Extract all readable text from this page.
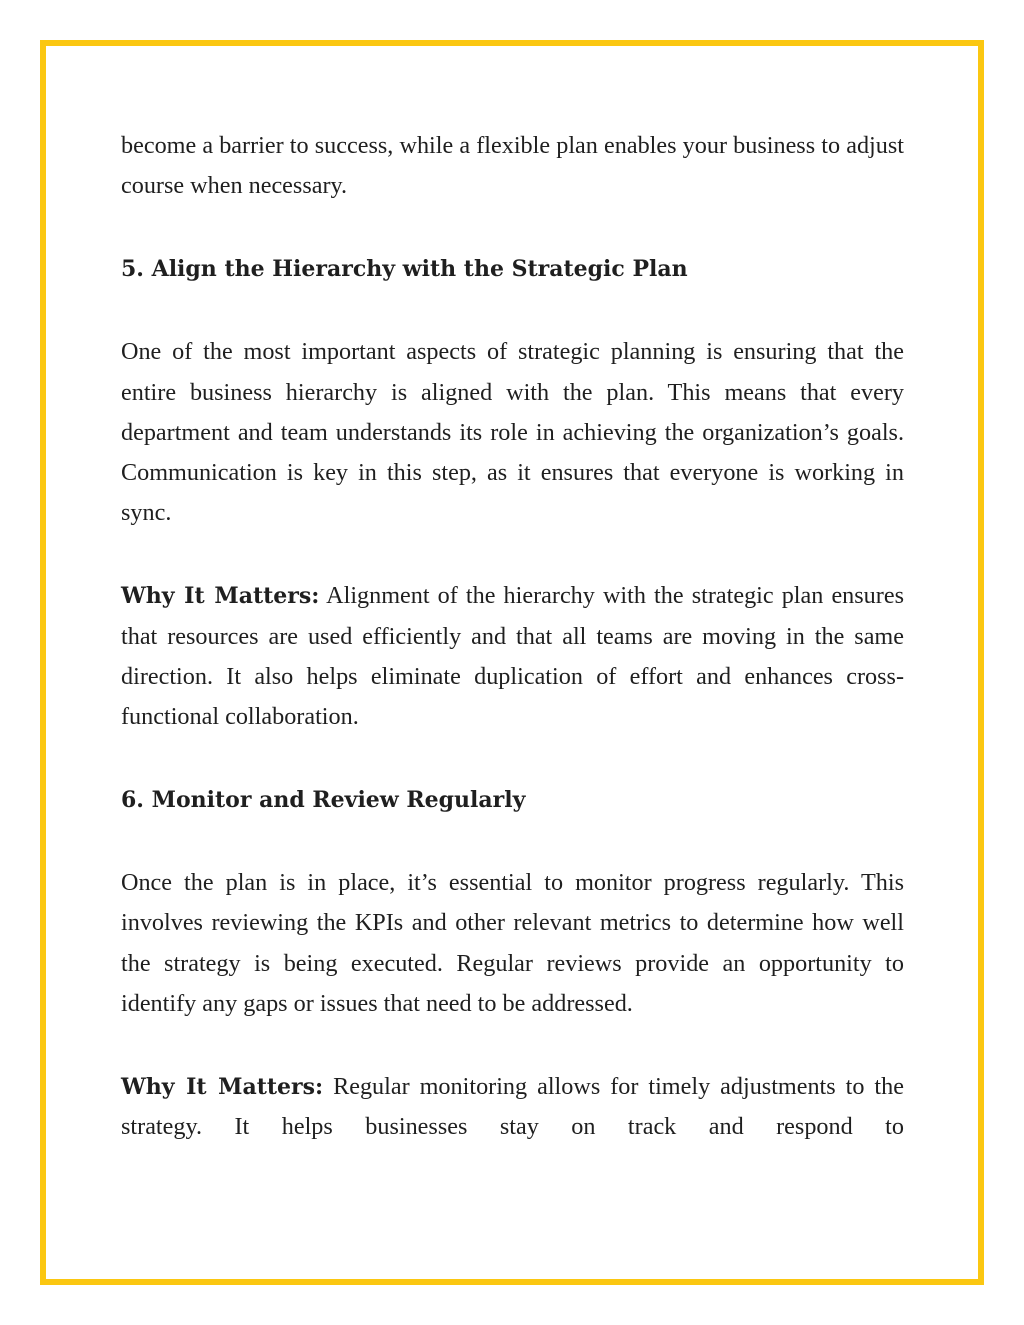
become a barrier to success, while a flexible plan enables your business to adjust course when necessary.

5. Align the Hierarchy with the Strategic Plan

One of the most important aspects of strategic planning is ensuring that the entire business hierarchy is aligned with the plan. This means that every department and team understands its role in achieving the organization’s goals. Communication is key in this step, as it ensures that everyone is working in sync.

Why It Matters: Alignment of the hierarchy with the strategic plan ensures that resources are used efficiently and that all teams are moving in the same direction. It also helps eliminate duplication of effort and enhances cross-functional collaboration.

6. Monitor and Review Regularly

Once the plan is in place, it’s essential to monitor progress regularly. This involves reviewing the KPIs and other relevant metrics to determine how well the strategy is being executed. Regular reviews provide an opportunity to identify any gaps or issues that need to be addressed.

Why It Matters: Regular monitoring allows for timely adjustments to the strategy. It helps businesses stay on track and respond to
